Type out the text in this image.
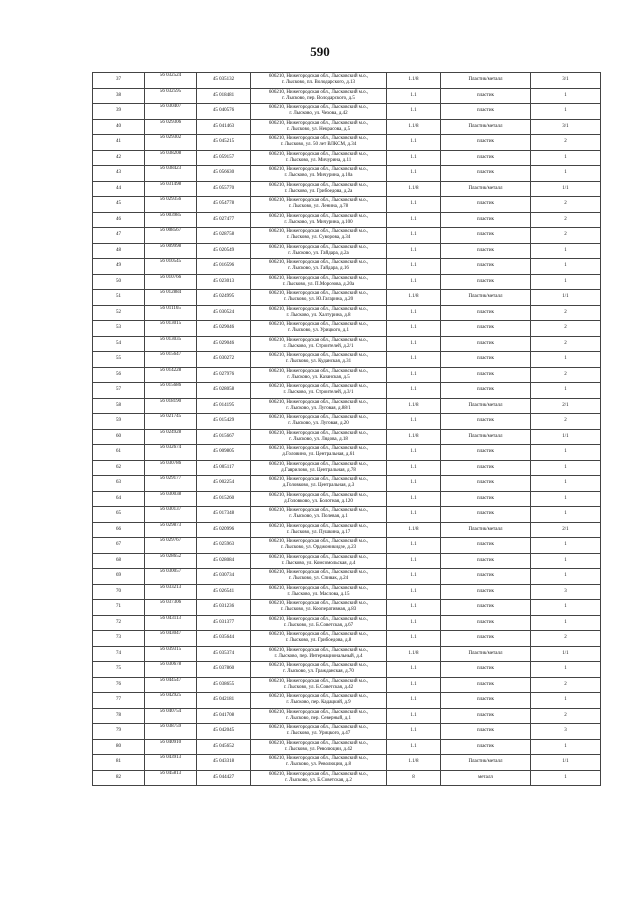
590
37	56 032524	45 035132	606210, Нижегородская обл., Лысковский м.о.,
г. Лысково, пл. Володарского, д.13	1.1/8	Пластик/металл	3/1
38	56 032595	45 018481	606210, Нижегородская обл., Лысковский м.о.,
г. Лысково, пер. Володарского, д.5	1.1	пластик	1
39	56 030407	45 040576	606210, Нижегородская обл., Лысковский м.о.,
г. Лысково, ул. Чехова, д.42	1.1	пластик	1
40	56 029306	45 041463	606210, Нижегородская обл., Лысковский м.о.,
г. Лысково, ул. Некрасова, д.5	1.1/8	Пластик/металл	3/1
41	56 029302	45 045215	606210, Нижегородская обл., Лысковский м.о.,
г. Лысково, ул. 50 лет ВЛКСМ, д.34	1.1	пластик	2
42	56 038208	45 059157	606210, Нижегородская обл., Лысковский м.о.,
г. Лысково, ул. Мичурина, д.11	1.1	пластик	1
43	56 038423	45 056630	606210, Нижегородская обл., Лысковский м.о.,
г. Лысково, ул. Мичурина, д.10а	1.1	пластик	1
44	56 031498	45 055770	606210, Нижегородская обл., Лысковский м.о.,
г. Лысково, ул. Грибоедова, д.2а	1.1/8	Пластик/металл	1/1
45	56 029356	45 054778	606210, Нижегородская обл., Лысковский м.о.,
г. Лысково, ул. Ленина, д.78	1.1	пластик	2
46	56 003985	45 027477	606210, Нижегородская обл., Лысковский м.о.,
г. Лысково, ул. Мичурина, д.100	1.1	пластик	2
47	56 008567	45 028758	606210, Нижегородская обл., Лысковский м.о.,
г. Лысково, ул. Суворова, д.34	1.1	пластик	2
48	56 009998	45 020549	606210, Нижегородская обл., Лысковский м.о.,
г. Лысково, ул. Гайдара, д.2а	1.1	пластик	1
49	56 010545	45 016596	606210, Нижегородская обл., Лысковский м.о.,
г. Лысково, ул. Гайдара, д.16	1.1	пластик	1
50	56 010766	45 023013	606210, Нижегородская обл., Лысковский м.о.,
г. Лысково, ул. П.Морозова, д.20а	1.1	пластик	1
51	56 012884	45 024995	606210, Нижегородская обл., Лысковский м.о.,
г. Лысково, ул. Ю.Гагарина, д.20	1.1/8	Пластик/металл	1/1
52	56 011165	45 030524	606210, Нижегородская обл., Лысковский м.о.,
г. Лысково, ул. Халтурина, д.8	1.1	пластик	2
53	56 013015	45 029046	606210, Нижегородская обл., Лысковский м.о.,
г. Лысково, ул. Урицкого, д.1	1.1	пластик	2
54	56 013035	45 029046	606210, Нижегородская обл., Лысковский м.о.,
г. Лысково, ул. Строителей, д.2/1	1.1	пластик	2
55	56 015647	45 030272	606210, Нижегородская обл., Лысковский м.о.,
г. Лысково, ул. Куданская, д.31	1.1	пластик	1
56	56 014228	45 027976	606210, Нижегородская обл., Лысковский м.о.,
г. Лысково, ул. Казанская, д.5	1.1	пластик	2
57	56 015686	45 028058	606210, Нижегородская обл., Лысковский м.о.,
г. Лысково, ул. Строителей, д.3/1	1.1	пластик	1
58	56 018190	45 014195	606210, Нижегородская обл., Лысковский м.о.,
г. Лысково, ул. Луговая, д.88/1	1.1/8	Пластик/металл	2/1
59	56 021745	45 015429	606210, Нижегородская обл., Лысковский м.о.,
г. Лысково, ул. Луговая, д.20	1.1	пластик	2
60	56 024928	45 015667	606210, Нижегородская обл., Лысковский м.о.,
г. Лысково, ул. Лядова, д.18	1.1/8	Пластик/металл	1/1
61	56 032674	45 009805	606210, Нижегородская обл., Лысковский м.о.,
д.Головино, ул. Центральная, д.61	1.1	пластик	1
62	56 030786	45 005117	606210, Нижегородская обл., Лысковский м.о.,
д.Гаврилово, ул. Центральная, д.78	1.1	пластик	1
63	56 029177	45 002254	606210, Нижегородская обл., Лысковский м.о.,
д.Головково, ул. Центральная, д.3	1.1	пластик	1
64	56 030038	45 015260	606210, Нижегородская обл., Лысковский м.о.,
д.Головково, ул. Болотная, д.120	1.1	пластик	1
65	56 030137	45 017348	606210, Нижегородская обл., Лысковский м.о.,
г. Лысково, ул. Полевая, д.1	1.1	пластик	1
66	56 029873	45 020996	606210, Нижегородская обл., Лысковский м.о.,
г. Лысково, ул. Пушкина, д.17	1.1/8	Пластик/металл	2/1
67	56 029767	45 025963	606210, Нижегородская обл., Лысковский м.о.,
г. Лысково, ул. Орджоникидзе, д.23	1.1	пластик	1
68	56 028652	45 028084	606210, Нижегородская обл., Лысковский м.о.,
г. Лысково, ул. Комсомольская, д.4	1.1	пластик	1
69	56 030057	45 030734	606210, Нижегородская обл., Лысковский м.о.,
г. Лысково, ул. Спивак, д.24	1.1	пластик	1
70	56 033213	45 026541	606210, Нижегородская обл., Лысковский м.о.,
г. Лысково, ул. Маслова, д.15	1.1	пластик	3
71	56 037306	45 031236	606210, Нижегородская обл., Лысковский м.о.,
г. Лысково, ул. Кооперативная, д.83	1.1	пластик	1
72	56 043113	45 031377	606210, Нижегородская обл., Лысковский м.о.,
г. Лысково, ул. Б.Советская, д.67	1.1	пластик	1
73	56 043047	45 035644	606210, Нижегородская обл., Лысковский м.о.,
г. Лысково, ул. Грибоедова, д.8	1.1	пластик	2
74	56 039315	45 035374	606210, Нижегородская обл., Лысковский м.о.,
г. Лысково, пер. Интернациональный, д.4	1.1/8	Пластик/металл	1/1
75	56 030678	45 037860	606210, Нижегородская обл., Лысковский м.о.,
г. Лысково, ул. Гражданская, д.70	1.1	пластик	1
76	56 044547	45 038655	606210, Нижегородская обл., Лысковский м.о.,
г. Лысково, ул. Б.Советская, д.42	1.1	пластик	2
77	56 042925	45 042181	606210, Нижегородская обл., Лысковский м.о.,
г. Лысково, пер. Кадацкий, д.9	1.1	пластик	1
78	56 040754	45 041708	606210, Нижегородская обл., Лысковский м.о.,
г. Лысково, пер. Северный, д.1	1.1	пластик	2
79	56 038759	45 042045	606210, Нижегородская обл., Лысковский м.о.,
г. Лысково, ул. Урицкого, д.47	1.1	пластик	3
80	56 040910	45 045652	606210, Нижегородская обл., Лысковский м.о.,
г. Лысково, ул. Революции, д.42	1.1	пластик	1
81	56 043913	45 043318	606210, Нижегородская обл., Лысковский м.о.,
г. Лысково, ул. Революции, д.8	1.1/8	Пластик/металл	1/1
82	56 045813	45 044427	606210, Нижегородская обл., Лысковский м.о.,
г. Лысково, ул. Б.Советская, д.2	8	металл	1
